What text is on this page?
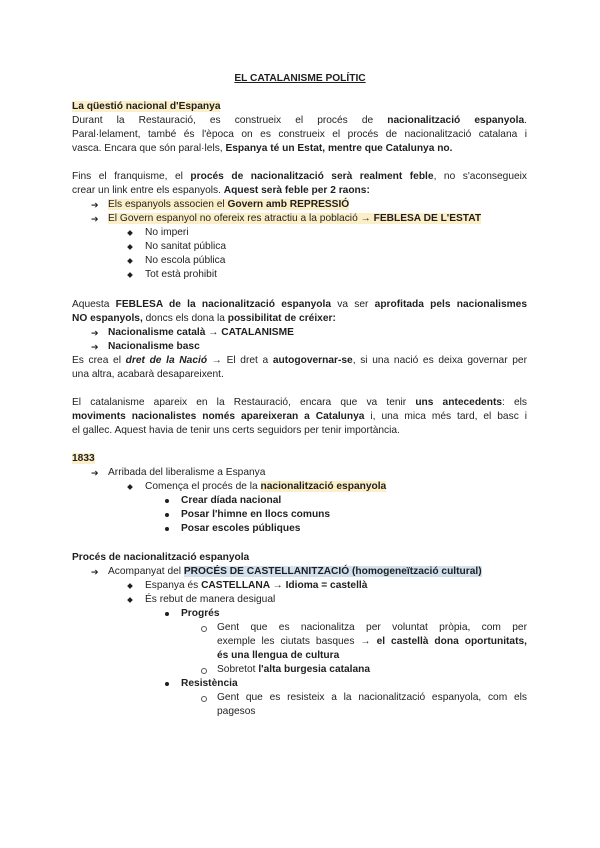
EL CATALANISME POLÍTIC
La qüestió nacional d'Espanya
Durant la Restauració, es construeix el procés de nacionalització espanyola.
Paral·lelament, també és l'època on es construeix el procés de nacionalització catalana i
vasca. Encara que són paral·lels, Espanya té un Estat, mentre que Catalunya no.
Fins el franquisme, el procés de nacionalització serà realment feble, no s'aconsegueix
crear un link entre els espanyols. Aquest serà feble per 2 raons:
➔ Els espanyols associen el Govern amb REPRESSIÓ
➔ El Govern espanyol no ofereix res atractiu a la població → FEBLESA DE L'ESTAT
No imperi
No sanitat pública
No escola pública
Tot està prohibit
Aquesta FEBLESA de la nacionalització espanyola va ser aprofitada pels nacionalismes
NO espanyols, doncs els dona la possibilitat de créixer:
➔ Nacionalisme català → CATALANISME
➔ Nacionalisme basc
Es crea el dret de la Nació → El dret a autogovernar-se, si una nació es deixa governar per
una altra, acabarà desapareixent.
El catalanisme apareix en la Restauració, encara que va tenir uns antecedents: els
moviments nacionalistes només apareixeran a Catalunya i, una mica més tard, el basc i
el gallec. Aquest havia de tenir uns certs seguidors per tenir importància.
1833
➔ Arribada del liberalisme a Espanya
Comença el procés de la nacionalització espanyola
Crear díada nacional
Posar l'himne en llocs comuns
Posar escoles públiques
Procés de nacionalització espanyola
➔ Acompanyat del PROCÉS DE CASTELLANITZACIÓ (homogeneïtzació cultural)
Espanya és CASTELLANA → Idioma = castellà
És rebut de manera desigual
Progrés
Gent que es nacionalitza per voluntat pròpia, com per
exemple les ciutats basques → el castellà dona oportunitats,
és una llengua de cultura
Sobretot l'alta burgesia catalana
Resistència
Gent que es resisteix a la nacionalització espanyola, com els
pagesos
